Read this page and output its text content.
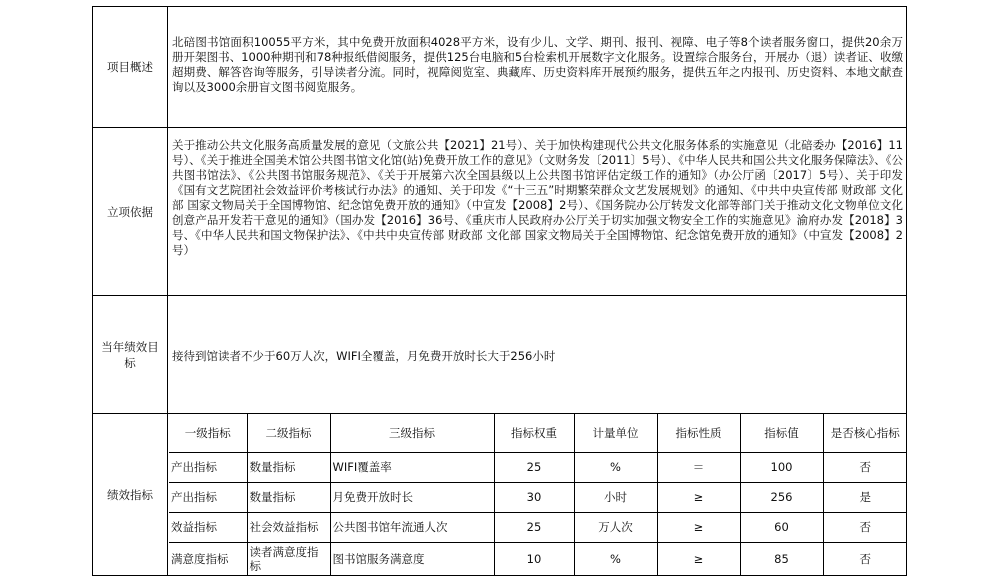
项目概述
北碚图书馆面积10055平方米，其中免费开放面积4028平方米，设有少儿、文学、期刊、报刊、视障、电子等8个读者服务窗口，提供20余万册开架图书、1000种期刊和78种报纸借阅服务，提供125台电脑和5台检索机开展数字文化服务。设置综合服务台，开展办（退）读者证、收缴超期费、解答咨询等服务，引导读者分流。同时，视障阅览室、典藏库、历史资料库开展预约服务，提供五年之内报刊、历史资料、本地文献查询以及3000余册盲文图书阅览服务。
立项依据
关于推动公共文化服务高质量发展的意见（文旅公共【2021】21号）、关于加快构建现代公共文化服务体系的实施意见（北碚委办【2016】11号）、《关于推进全国美术馆公共图书馆文化馆(站)免费开放工作的意见》（文财务发〔2011〕5号）、《中华人民共和国公共文化服务保障法》、《公共图书馆法》、《公共图书馆服务规范》、《关于开展第六次全国县级以上公共图书馆评估定级工作的通知》（办公厅函〔2017〕5号）、关于印发《国有文艺院团社会效益评价考核试行办法》的通知、关于印发《“十三五”时期繁荣群众文艺发展规划》的通知、《中共中央宣传部 财政部 文化部 国家文物局关于全国博物馆、纪念馆免费开放的通知》（中宣发【2008】2号）、《国务院办公厅转发文化部等部门关于推动文化文物单位文化创意产品开发若干意见的通知》（国办发【2016】36号、《重庆市人民政府办公厅关于切实加强文物安全工作的实施意见》渝府办发【2018】3号、《中华人民共和国文物保护法》、《中共中央宣传部 财政部 文化部 国家文物局关于全国博物馆、纪念馆免费开放的通知》（中宣发【2008】2号）
当年绩效目标	接待到馆读者不少于60万人次，WIFI全覆盖，月免费开放时长大于256小时
绩效指标
一级指标	二级指标	三级指标	指标权重	计量单位	指标性质	指标值	是否核心指标
产出指标	数量指标	WIFI覆盖率	25	%	＝	100	否
产出指标	数量指标	月免费开放时长	30	小时	≥	256	是
效益指标	社会效益指标	公共图书馆年流通人次	25	万人次	≥	60	否
满意度指标	读者满意度指标	图书馆服务满意度	10	%	≥	85	否
